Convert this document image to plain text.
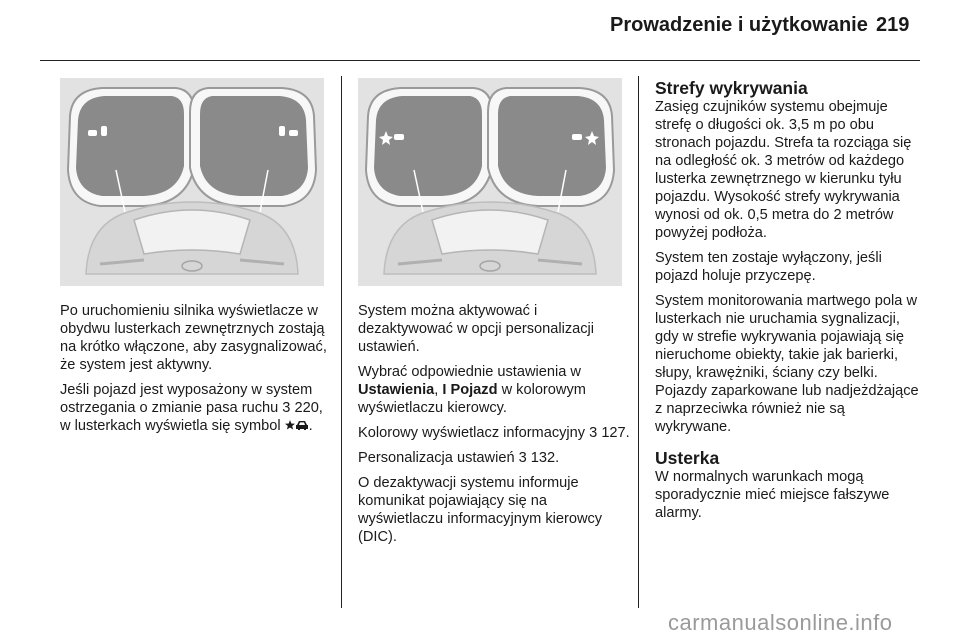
Prowadzenie i użytkowanie 219

Po uruchomieniu silnika wyświetlacze w obydwu lusterkach zewnętrznych zostają na krótko włączone, aby zasygnalizować, że system jest aktywny.

Jeśli pojazd jest wyposażony w system ostrzegania o zmianie pasa ruchu 3 220, w lusterkach wyświetla się symbol .

System można aktywować i dezaktywować w opcji personalizacji ustawień.

Wybrać odpowiednie ustawienia w Ustawienia, I Pojazd w kolorowym wyświetlaczu kierowcy.

Kolorowy wyświetlacz informacyjny 3 127.

Personalizacja ustawień 3 132.

O dezaktywacji systemu informuje komunikat pojawiający się na wyświetlaczu informacyjnym kierowcy (DIC).

Strefy wykrywania

Zasięg czujników systemu obejmuje strefę o długości ok. 3,5 m po obu stronach pojazdu. Strefa ta rozciąga się na odległość ok. 3 metrów od każdego lusterka zewnętrznego w kierunku tyłu pojazdu. Wysokość strefy wykrywania wynosi od ok. 0,5 metra do 2 metrów powyżej podłoża.

System ten zostaje wyłączony, jeśli pojazd holuje przyczepę.

System monitorowania martwego pola w lusterkach nie uruchamia sygnalizacji, gdy w strefie wykrywania pojawiają się nieruchome obiekty, takie jak barierki, słupy, krawężniki, ściany czy belki. Pojazdy zaparkowane lub nadjeżdżające z naprzeciwka również nie są wykrywane.

Usterka

W normalnych warunkach mogą sporadycznie mieć miejsce fałszywe alarmy.

carmanualsonline.info
